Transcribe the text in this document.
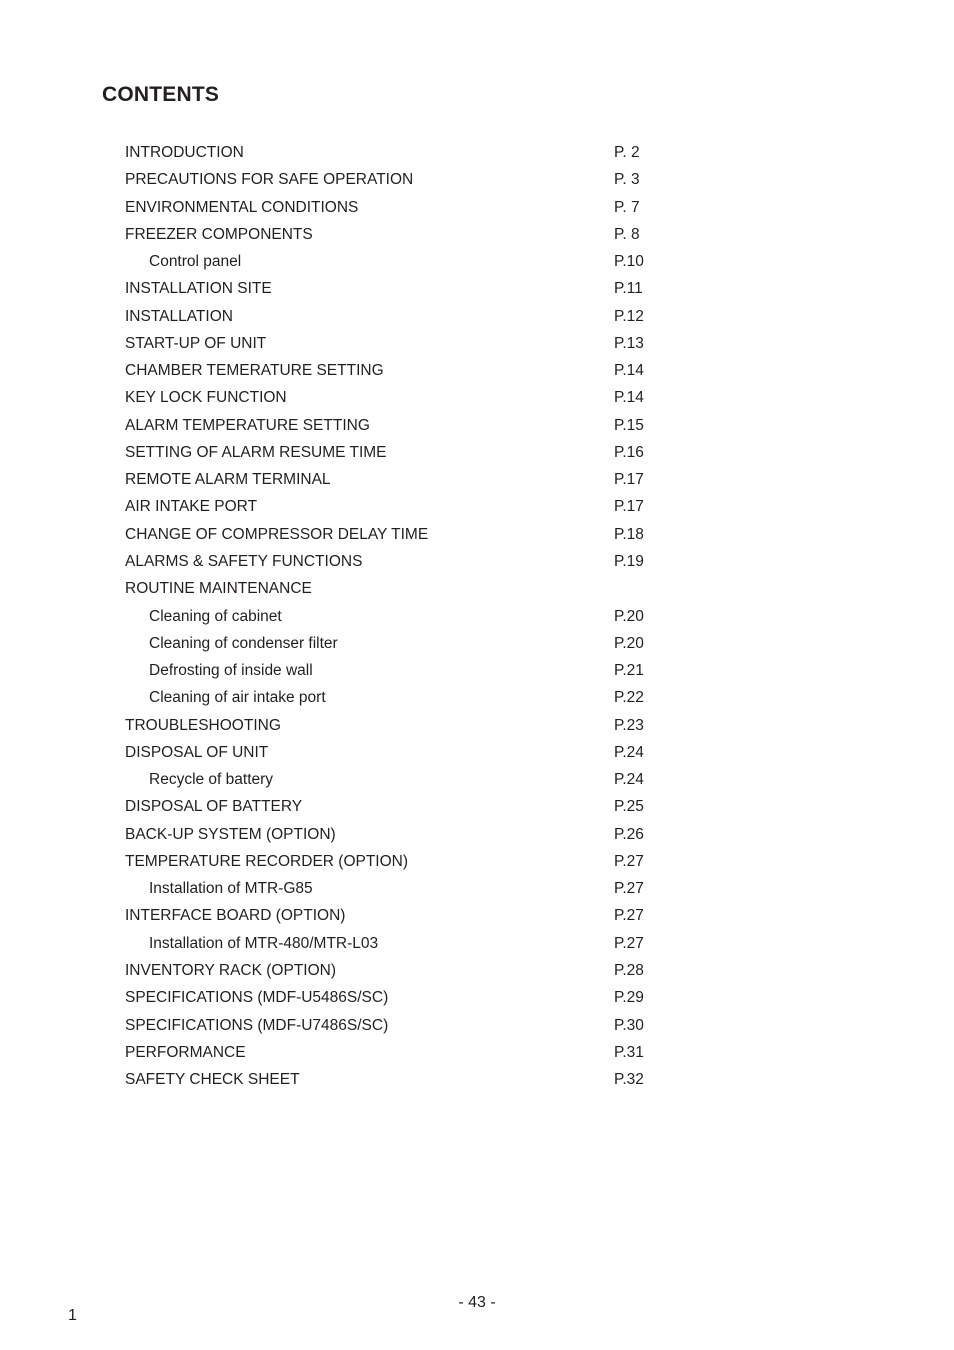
CONTENTS
INTRODUCTION	P. 2
PRECAUTIONS FOR SAFE OPERATION	P. 3
ENVIRONMENTAL CONDITIONS	P. 7
FREEZER COMPONENTS	P. 8
Control panel	P.10
INSTALLATION SITE	P.11
INSTALLATION	P.12
START-UP OF UNIT	P.13
CHAMBER TEMERATURE SETTING	P.14
KEY LOCK FUNCTION	P.14
ALARM TEMPERATURE SETTING	P.15
SETTING OF ALARM RESUME TIME	P.16
REMOTE ALARM TERMINAL	P.17
AIR INTAKE PORT	P.17
CHANGE OF COMPRESSOR DELAY TIME	P.18
ALARMS & SAFETY FUNCTIONS	P.19
ROUTINE MAINTENANCE
Cleaning of cabinet	P.20
Cleaning of condenser filter	P.20
Defrosting of inside wall	P.21
Cleaning of air intake port	P.22
TROUBLESHOOTING	P.23
DISPOSAL OF UNIT	P.24
Recycle of battery	P.24
DISPOSAL OF BATTERY	P.25
BACK-UP SYSTEM (OPTION)	P.26
TEMPERATURE RECORDER (OPTION)	P.27
Installation of MTR-G85	P.27
INTERFACE BOARD (OPTION)	P.27
Installation of MTR-480/MTR-L03	P.27
INVENTORY RACK (OPTION)	P.28
SPECIFICATIONS (MDF-U5486S/SC)	P.29
SPECIFICATIONS (MDF-U7486S/SC)	P.30
PERFORMANCE	P.31
SAFETY CHECK SHEET	P.32
- 43 -
1
